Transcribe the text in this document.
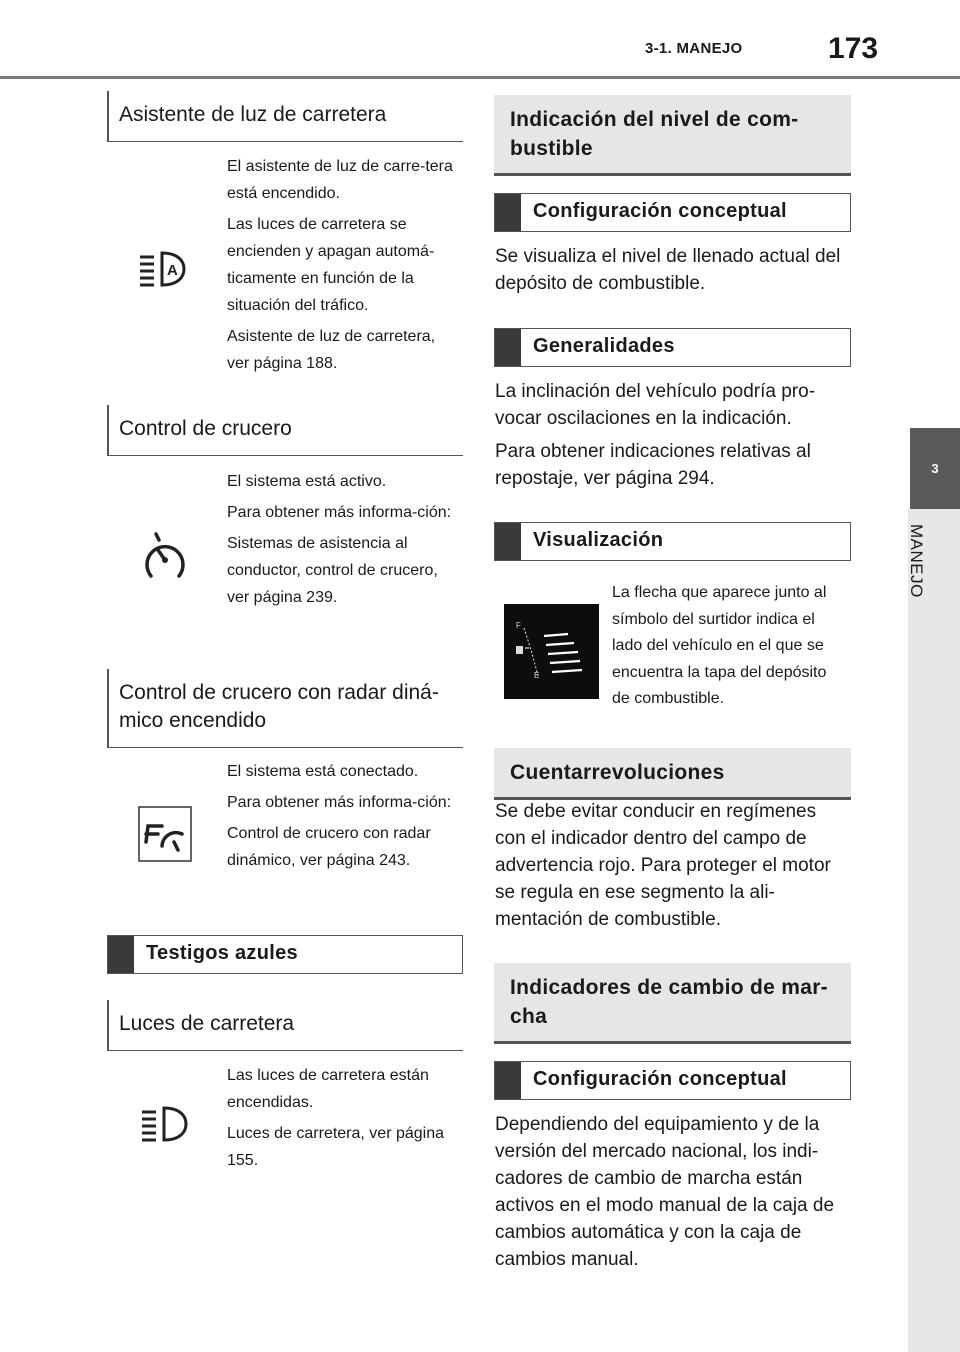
3-1. MANEJO	173
3
MANEJO
Asistente de luz de carretera
A

El asistente de luz de carre-tera está encendido.

Las luces de carretera se encienden y apagan automá-ticamente en función de la situación del tráfico.

Asistente de luz de carretera, ver página 188.

Control de crucero

El sistema está activo.

Para obtener más informa-ción:

Sistemas de asistencia al conductor, control de crucero, ver página 239.

Control de crucero con radar diná-mico encendido

El sistema está conectado.

Para obtener más informa-ción:

Control de crucero con radar dinámico, ver página 243.

Testigos azules
Luces de carretera

Las luces de carretera están encendidas.

Luces de carretera, ver página 155.

Indicación del nivel de com-bustible
Configuración conceptual
Se visualiza el nivel de llenado actual del depósito de combustible.
Generalidades

La inclinación del vehículo podría pro-vocar oscilaciones en la indicación.

Para obtener indicaciones relativas al repostaje, ver página 294.

Visualización
F
E
La flecha que aparece junto al símbolo del surtidor indica el lado del vehículo en el que se encuentra la tapa del depósito de combustible.
Cuentarrevoluciones
Se debe evitar conducir en regímenes con el indicador dentro del campo de advertencia rojo. Para proteger el motor se regula en ese segmento la ali-mentación de combustible.
Indicadores de cambio de mar-cha
Configuración conceptual
Dependiendo del equipamiento y de la versión del mercado nacional, los indi-cadores de cambio de marcha están activos en el modo manual de la caja de cambios automática y con la caja de cambios manual.
